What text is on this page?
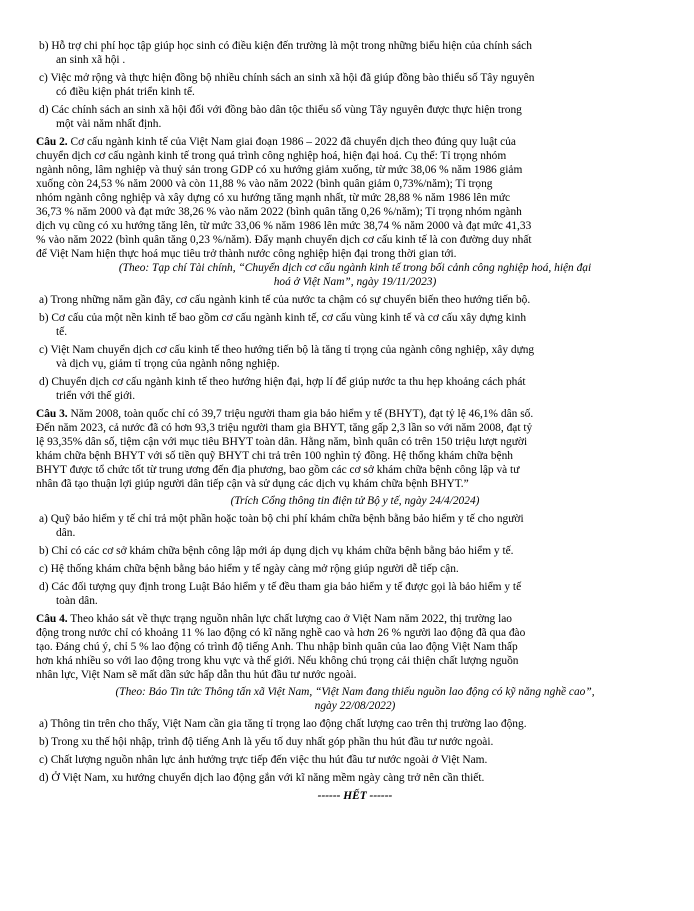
b) Hỗ trợ chi phí học tập giúp học sinh có điều kiện đến trường là một trong những biểu hiện của chính sách

an sinh xã hội .

c) Việc mở rộng và thực hiện đồng bộ nhiều chính sách an sinh xã hội đã giúp đồng bào thiểu số Tây nguyên

có điều kiện phát triển kinh tế.

d) Các chính sách an sinh xã hội đối với đồng bào dân tộc thiểu số vùng Tây nguyên được thực hiện trong

một vài năm nhất định.

Câu 2. Cơ cấu ngành kinh tế của Việt Nam giai đoạn 1986 – 2022 đã chuyển dịch theo đúng quy luật của

chuyển dịch cơ cấu ngành kinh tế trong quá trình công nghiệp hoá, hiện đại hoá. Cụ thể: Tỉ trọng nhóm

ngành nông, lâm nghiệp và thuỷ sản trong GDP có xu hướng giảm xuống, từ mức 38,06 % năm 1986 giảm

xuống còn 24,53 % năm 2000 và còn 11,88 % vào năm 2022 (bình quân giảm 0,73%/năm); Tỉ trọng

nhóm ngành công nghiệp và xây dựng có xu hướng tăng mạnh nhất, từ mức 28,88 % năm 1986 lên mức

36,73 % năm 2000 và đạt mức 38,26 % vào năm 2022 (bình quân tăng 0,26 %/năm); Tỉ trọng nhóm ngành

dịch vụ cũng có xu hướng tăng lên, từ mức 33,06 % năm 1986 lên mức 38,74 % năm 2000 và đạt mức 41,33

% vào năm 2022 (bình quân tăng 0,23 %/năm). Đẩy mạnh chuyển dịch cơ cấu kinh tế là con đường duy nhất

để Việt Nam hiện thực hoá mục tiêu trở thành nước công nghiệp hiện đại trong thời gian tới.

(Theo: Tạp chí Tài chính, “Chuyển dịch cơ cấu ngành kinh tế trong bối cảnh công nghiệp hoá, hiện đại

hoá ở Việt Nam”, ngày 19/11/2023)

a) Trong những năm gần đây, cơ cấu ngành kinh tế của nước ta chậm có sự chuyển biến theo hướng tiến bộ.

b) Cơ cấu của một nền kinh tế bao gồm cơ cấu ngành kinh tế, cơ cấu vùng kinh tế và cơ cấu xây dựng kinh

tế.

c) Việt Nam chuyển dịch cơ cấu kinh tế theo hướng tiến bộ là tăng tỉ trọng của ngành công nghiệp, xây dựng

và dịch vụ, giảm tỉ trọng của ngành nông nghiệp.

d) Chuyển dịch cơ cấu ngành kinh tế theo hướng hiện đại, hợp lí để giúp nước ta thu hẹp khoảng cách phát

triển với thế giới.

Câu 3. Năm 2008, toàn quốc chỉ có 39,7 triệu người tham gia bảo hiểm y tế (BHYT), đạt tỷ lệ 46,1% dân số.

Đến năm 2023, cả nước đã có hơn 93,3 triệu người tham gia BHYT, tăng gấp 2,3 lần so với năm 2008, đạt tỷ

lệ 93,35% dân số, tiệm cận với mục tiêu BHYT toàn dân. Hằng năm, bình quân có trên 150 triệu lượt người

khám chữa bệnh BHYT với số tiền quỹ BHYT chi trả trên 100 nghìn tỷ đồng. Hệ thống khám chữa bệnh

BHYT được tổ chức tốt từ trung ương đến địa phương, bao gồm các cơ sở khám chữa bệnh công lập và tư

nhân đã tạo thuận lợi giúp người dân tiếp cận và sử dụng các dịch vụ khám chữa bệnh BHYT.”

(Trích Cổng thông tin điện tử Bộ y tế, ngày 24/4/2024)

a) Quỹ bảo hiểm y tế chỉ trả một phần hoặc toàn bộ chi phí khám chữa bệnh bằng bảo hiểm y tế cho người

dân.

b) Chỉ có các cơ sở khám chữa bệnh công lập mới áp dụng dịch vụ khám chữa bệnh bằng bảo hiểm y tế.

c) Hệ thống khám chữa bệnh bằng bảo hiểm y tế ngày càng mở rộng giúp người dễ tiếp cận.

d) Các đối tượng quy định trong Luật Bảo hiểm y tế đều tham gia bảo hiểm y tế được gọi là bảo hiểm y tế

toàn dân.

Câu 4. Theo khảo sát về thực trạng nguồn nhân lực chất lượng cao ở Việt Nam năm 2022, thị trường lao

động trong nước chỉ có khoảng 11 % lao động có kĩ năng nghề cao và hơn 26 % người lao động đã qua đào

tạo. Đáng chú ý, chỉ 5 % lao động có trình độ tiếng Anh. Thu nhập bình quân của lao động Việt Nam thấp

hơn khá nhiều so với lao động trong khu vực và thế giới. Nếu không chú trọng cải thiện chất lượng nguồn

nhân lực, Việt Nam sẽ mất dần sức hấp dẫn thu hút đầu tư nước ngoài.

(Theo: Báo Tin tức Thông tấn xã Việt Nam, “Việt Nam đang thiếu nguồn lao động có kỹ năng nghề cao”,

ngày 22/08/2022)

a) Thông tin trên cho thấy, Việt Nam cần gia tăng tỉ trọng lao động chất lượng cao trên thị trường lao động.

b) Trong xu thế hội nhập, trình độ tiếng Anh là yếu tố duy nhất góp phần thu hút đầu tư nước ngoài.

c) Chất lượng nguồn nhân lực ảnh hưởng trực tiếp đến việc thu hút đầu tư nước ngoài ở Việt Nam.

d) Ở Việt Nam, xu hướng chuyển dịch lao động gắn với kĩ năng mềm ngày càng trở nên cần thiết.

------ HẾT ------
